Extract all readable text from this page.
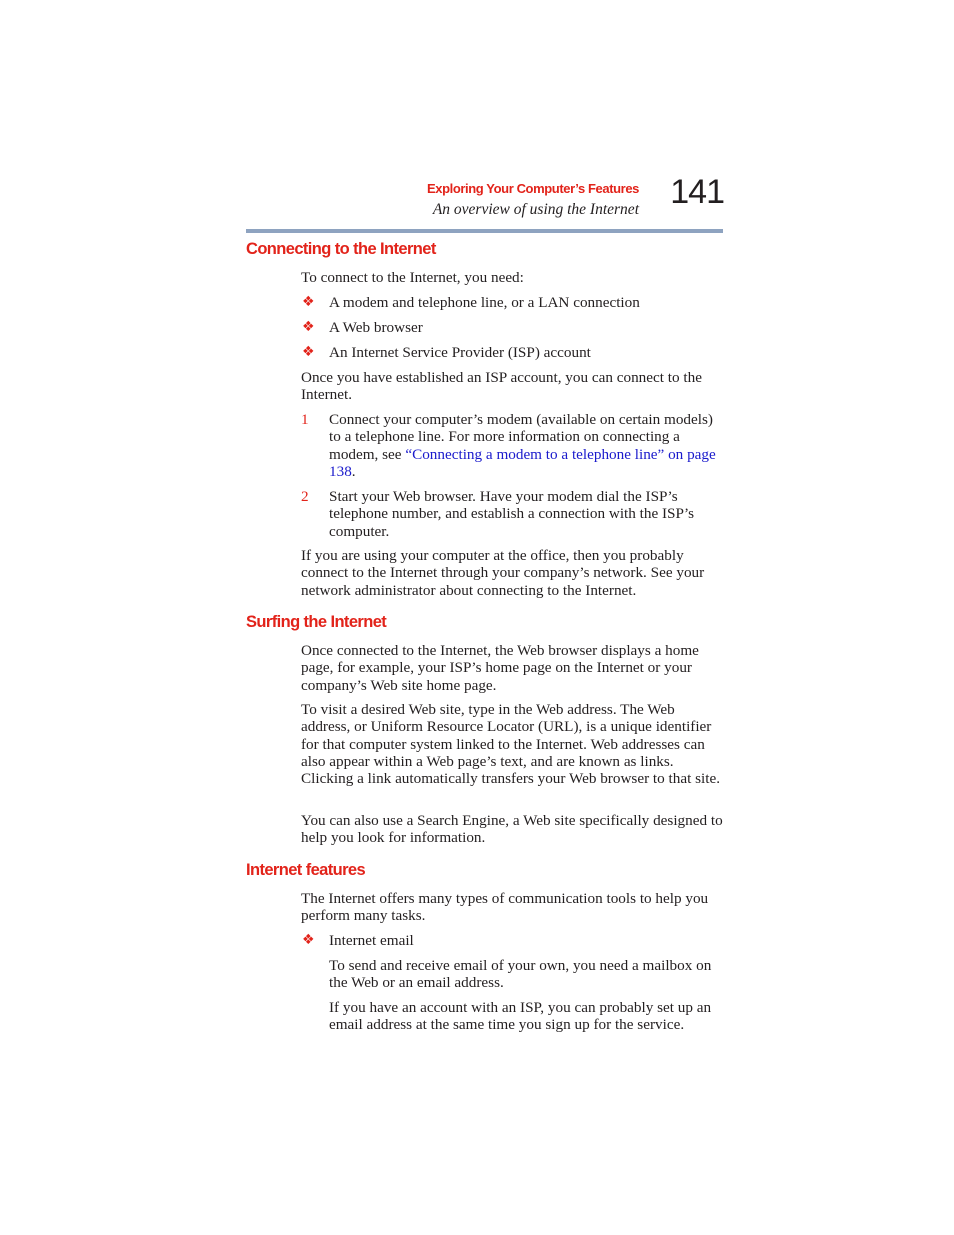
Exploring Your Computer’s Features
An overview of using the Internet 141
Connecting to the Internet
To connect to the Internet, you need:
❖ A modem and telephone line, or a LAN connection
❖ A Web browser
❖ An Internet Service Provider (ISP) account
Once you have established an ISP account, you can connect to the Internet.
1 Connect your computer’s modem (available on certain models) to a telephone line. For more information on connecting a modem, see “Connecting a modem to a telephone line” on page 138.
2 Start your Web browser. Have your modem dial the ISP’s telephone number, and establish a connection with the ISP’s computer.
If you are using your computer at the office, then you probably connect to the Internet through your company’s network. See your network administrator about connecting to the Internet.
Surfing the Internet
Once connected to the Internet, the Web browser displays a home page, for example, your ISP’s home page on the Internet or your company’s Web site home page.
To visit a desired Web site, type in the Web address. The Web address, or Uniform Resource Locator (URL), is a unique identifier for that computer system linked to the Internet. Web addresses can also appear within a Web page’s text, and are known as links. Clicking a link automatically transfers your Web browser to that site.
You can also use a Search Engine, a Web site specifically designed to help you look for information.
Internet features
The Internet offers many types of communication tools to help you perform many tasks.
❖ Internet email
To send and receive email of your own, you need a mailbox on the Web or an email address.
If you have an account with an ISP, you can probably set up an email address at the same time you sign up for the service.
